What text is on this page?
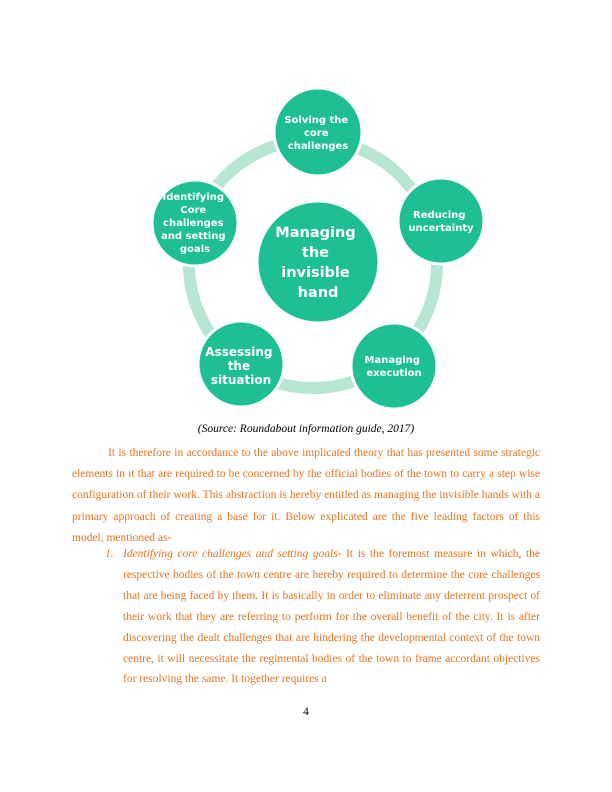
Managing the invisible hand
Solving the core challenges
Reducing uncertainty
Managing execution
Assessing the situation
Identifying Core challenges and setting goals
(Source: Roundabout information guide, 2017)

It is therefore in accordance to the above implicated theory that has presented some strategic elements in it that are required to be concerned by the official bodies of the town to carry a step wise configuration of their work. This abstraction is hereby entitled as managing the invisible hands with a primary approach of creating a base for it. Below explicated are the five leading factors of this model, mentioned as-

1. Identifying core challenges and setting goals- It is the foremost measure in which, the respective bodies of the town centre are hereby required to determine the core challenges that are being faced by them. It is basically in order to eliminate any deterrent prospect of their work that they are referring to perform for the overall benefit of the city. It is after discovering the dealt challenges that are hindering the developmental context of the town centre, it will necessitate the regimental bodies of the town to frame accordant objectives for resolving the same. It together requires a
4
